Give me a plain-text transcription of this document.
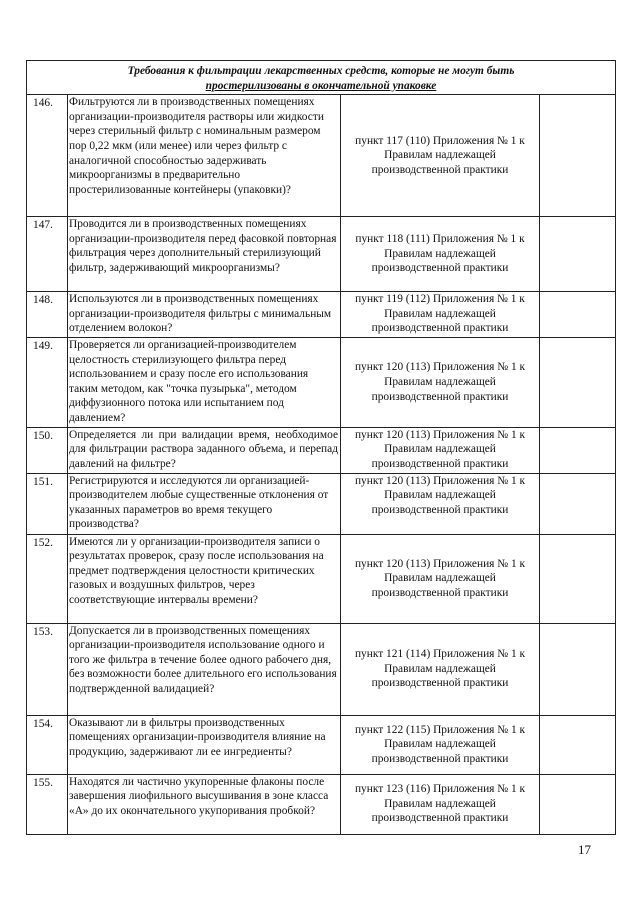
Требования к фильтрации лекарственных средств, которые не могут быть
простерилизованы в окончательной упаковке			

146.	Фильтруются ли в производственных помещениях организации-производителя растворы или жидкости через стерильный фильтр с номинальным размером пор 0,22 мкм (или менее) или через фильтр с аналогичной способностью задерживать микроорганизмы в предварительно простерилизованные контейнеры (упаковки)?	пункт 117 (110) Приложения № 1 к Правилам надлежащей производственной практики	
147.	Проводится ли в производственных помещениях организации-производителя перед фасовкой повторная фильтрация через дополнительный стерилизующий фильтр, задерживающий микроорганизмы?	пункт 118 (111) Приложения № 1 к Правилам надлежащей производственной практики	
148.	Используются ли в производственных помещениях организации-производителя фильтры с минимальным отделением волокон?	пункт 119 (112) Приложения № 1 к Правилам надлежащей производственной практики	
149.	Проверяется ли организацией-производителем целостность стерилизующего фильтра перед использованием и сразу после его использования таким методом, как "точка пузырька", методом диффузионного потока или испытанием под давлением?	пункт 120 (113) Приложения № 1 к Правилам надлежащей производственной практики	
150.	Определяется ли при валидации время, необходимое для фильтрации раствора заданного объема, и перепад давлений на фильтре?	пункт 120 (113) Приложения № 1 к Правилам надлежащей производственной практики	
151.	Регистрируются и исследуются ли организацией-производителем любые существенные отклонения от указанных параметров во время текущего производства?	пункт 120 (113) Приложения № 1 к Правилам надлежащей производственной практики	
152.	Имеются ли у организации-производителя записи о результатах проверок, сразу после использования на предмет подтверждения целостности критических газовых и воздушных фильтров, через соответствующие интервалы времени?	пункт 120 (113) Приложения № 1 к Правилам надлежащей производственной практики	
153.	Допускается ли в производственных помещениях организации-производителя использование одного и того же фильтра в течение более одного рабочего дня, без возможности более длительного его использования подтвержденной валидацией?	пункт 121 (114) Приложения № 1 к Правилам надлежащей производственной практики	
154.	Оказывают ли в фильтры производственных помещениях организации-производителя влияние на продукцию, задерживают ли ее ингредиенты?	пункт 122 (115) Приложения № 1 к Правилам надлежащей производственной практики	
155.	Находятся ли частично укупоренные флаконы после завершения лиофильного высушивания в зоне класса «А» до их окончательного укупоривания пробкой?	пункт 123 (116) Приложения № 1 к Правилам надлежащей производственной практики	
17
